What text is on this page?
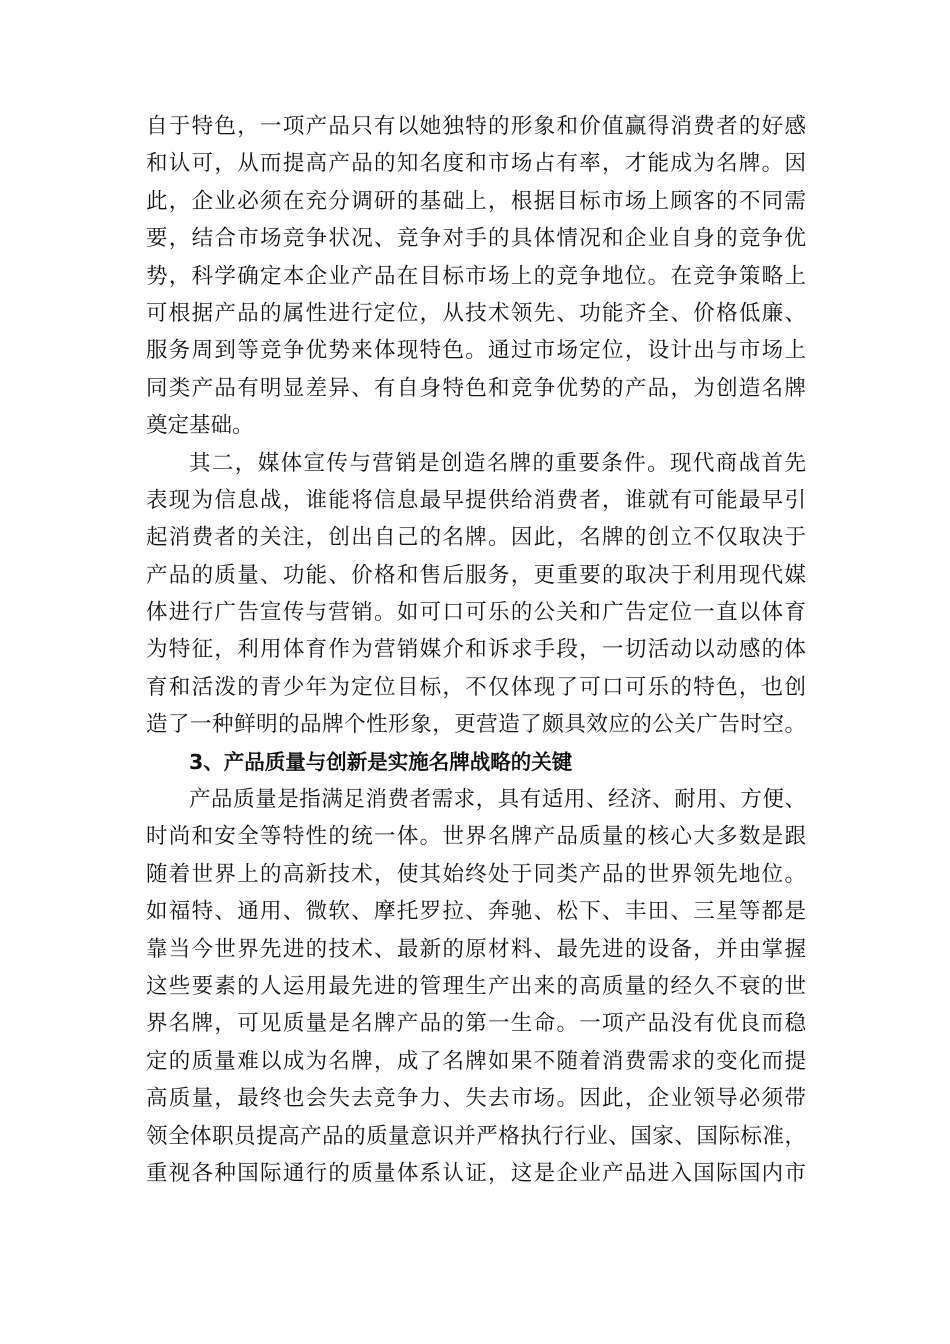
自于特色，一项产品只有以她独特的形象和价值赢得消费者的好感
和认可，从而提高产品的知名度和市场占有率，才能成为名牌。因
此，企业必须在充分调研的基础上，根据目标市场上顾客的不同需
要，结合市场竞争状况、竞争对手的具体情况和企业自身的竞争优
势，科学确定本企业产品在目标市场上的竞争地位。在竞争策略上
可根据产品的属性进行定位，从技术领先、功能齐全、价格低廉、
服务周到等竞争优势来体现特色。通过市场定位，设计出与市场上
同类产品有明显差异、有自身特色和竞争优势的产品，为创造名牌
奠定基础。
其二，媒体宣传与营销是创造名牌的重要条件。现代商战首先
表现为信息战，谁能将信息最早提供给消费者，谁就有可能最早引
起消费者的关注，创出自己的名牌。因此，名牌的创立不仅取决于
产品的质量、功能、价格和售后服务，更重要的取决于利用现代媒
体进行广告宣传与营销。如可口可乐的公关和广告定位一直以体育
为特征，利用体育作为营销媒介和诉求手段，一切活动以动感的体
育和活泼的青少年为定位目标，不仅体现了可口可乐的特色，也创
造了一种鲜明的品牌个性形象，更营造了颇具效应的公关广告时空。
3、产品质量与创新是实施名牌战略的关键
产品质量是指满足消费者需求，具有适用、经济、耐用、方便、
时尚和安全等特性的统一体。世界名牌产品质量的核心大多数是跟
随着世界上的高新技术，使其始终处于同类产品的世界领先地位。
如福特、通用、微软、摩托罗拉、奔驰、松下、丰田、三星等都是
靠当今世界先进的技术、最新的原材料、最先进的设备，并由掌握
这些要素的人运用最先进的管理生产出来的高质量的经久不衰的世
界名牌，可见质量是名牌产品的第一生命。一项产品没有优良而稳
定的质量难以成为名牌，成了名牌如果不随着消费需求的变化而提
高质量，最终也会失去竞争力、失去市场。因此，企业领导必须带
领全体职员提高产品的质量意识并严格执行行业、国家、国际标准，
重视各种国际通行的质量体系认证，这是企业产品进入国际国内市
